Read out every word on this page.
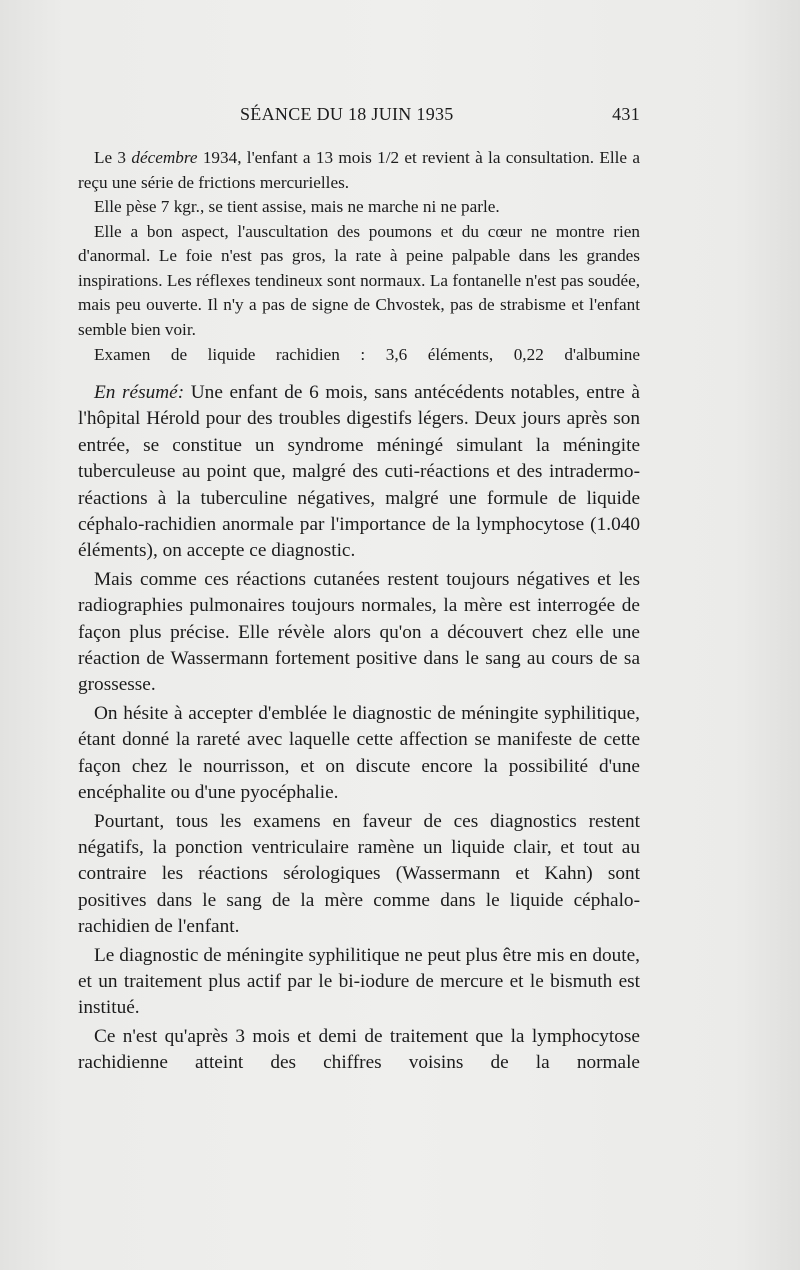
SÉANCE DU 18 JUIN 1935	431

Le 3 décembre 1934, l'enfant a 13 mois 1/2 et revient à la consultation. Elle a reçu une série de frictions mercurielles.

Elle pèse 7 kgr., se tient assise, mais ne marche ni ne parle.

Elle a bon aspect, l'auscultation des poumons et du cœur ne montre rien d'anormal. Le foie n'est pas gros, la rate à peine palpable dans les grandes inspirations. Les réflexes tendineux sont normaux. La fontanelle n'est pas soudée, mais peu ouverte. Il n'y a pas de signe de Chvostek, pas de strabisme et l'enfant semble bien voir.

Examen de liquide rachidien : 3,6 éléments, 0,22 d'albumine

En résumé: Une enfant de 6 mois, sans antécédents notables, entre à l'hôpital Hérold pour des troubles digestifs légers. Deux jours après son entrée, se constitue un syndrome méningé simulant la méningite tuberculeuse au point que, malgré des cuti-réactions et des intradermo-réactions à la tuberculine négatives, malgré une formule de liquide céphalo-rachidien anormale par l'importance de la lymphocytose (1.040 éléments), on accepte ce diagnostic.

Mais comme ces réactions cutanées restent toujours négatives et les radiographies pulmonaires toujours normales, la mère est interrogée de façon plus précise. Elle révèle alors qu'on a découvert chez elle une réaction de Wassermann fortement positive dans le sang au cours de sa grossesse.

On hésite à accepter d'emblée le diagnostic de méningite syphilitique, étant donné la rareté avec laquelle cette affection se manifeste de cette façon chez le nourrisson, et on discute encore la possibilité d'une encéphalite ou d'une pyocéphalie.

Pourtant, tous les examens en faveur de ces diagnostics restent négatifs, la ponction ventriculaire ramène un liquide clair, et tout au contraire les réactions sérologiques (Wassermann et Kahn) sont positives dans le sang de la mère comme dans le liquide céphalo-rachidien de l'enfant.

Le diagnostic de méningite syphilitique ne peut plus être mis en doute, et un traitement plus actif par le bi-iodure de mercure et le bismuth est institué.

Ce n'est qu'après 3 mois et demi de traitement que la lymphocytose rachidienne atteint des chiffres voisins de la normale
